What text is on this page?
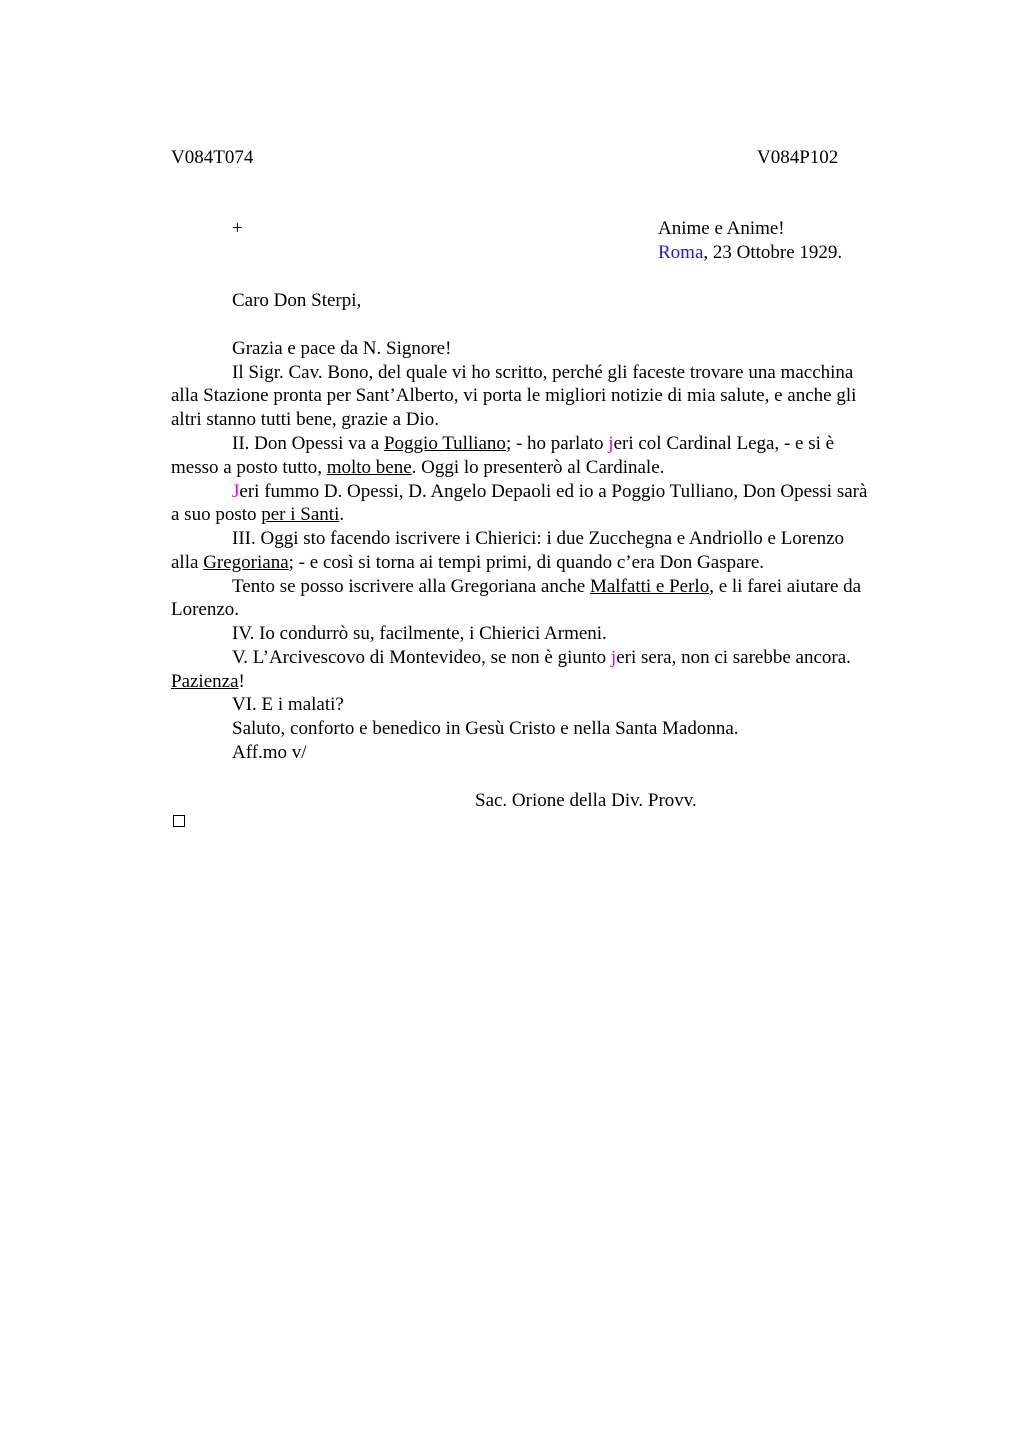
V084T074	V084P102
+	Anime e Anime!
Roma, 23 Ottobre 1929.
Caro Don Sterpi,
Grazia e pace da N. Signore!
Il Sigr. Cav. Bono, del quale vi ho scritto, perché gli faceste trovare una macchina
alla Stazione pronta per Sant’Alberto, vi porta le migliori notizie di mia salute, e anche gli
altri stanno tutti bene, grazie a Dio.
II. Don Opessi va a Poggio Tulliano; - ho parlato jeri col Cardinal Lega, - e si è
messo a posto tutto, molto bene. Oggi lo presenterò al Cardinale.
Jeri fummo D. Opessi, D. Angelo Depaoli ed io a Poggio Tulliano, Don Opessi sarà
a suo posto per i Santi.
III. Oggi sto facendo iscrivere i Chierici: i due Zucchegna e Andriollo e Lorenzo
alla Gregoriana; - e così si torna ai tempi primi, di quando c’era Don Gaspare.
Tento se posso iscrivere alla Gregoriana anche Malfatti e Perlo, e li farei aiutare da
Lorenzo.
IV. Io condurrò su, facilmente, i Chierici Armeni.
V. L’Arcivescovo di Montevideo, se non è giunto jeri sera, non ci sarebbe ancora.
Pazienza!
VI. E i malati?
Saluto, conforto e benedico in Gesù Cristo e nella Santa Madonna.
Aff.mo v/
Sac. Orione della Div. Provv.
